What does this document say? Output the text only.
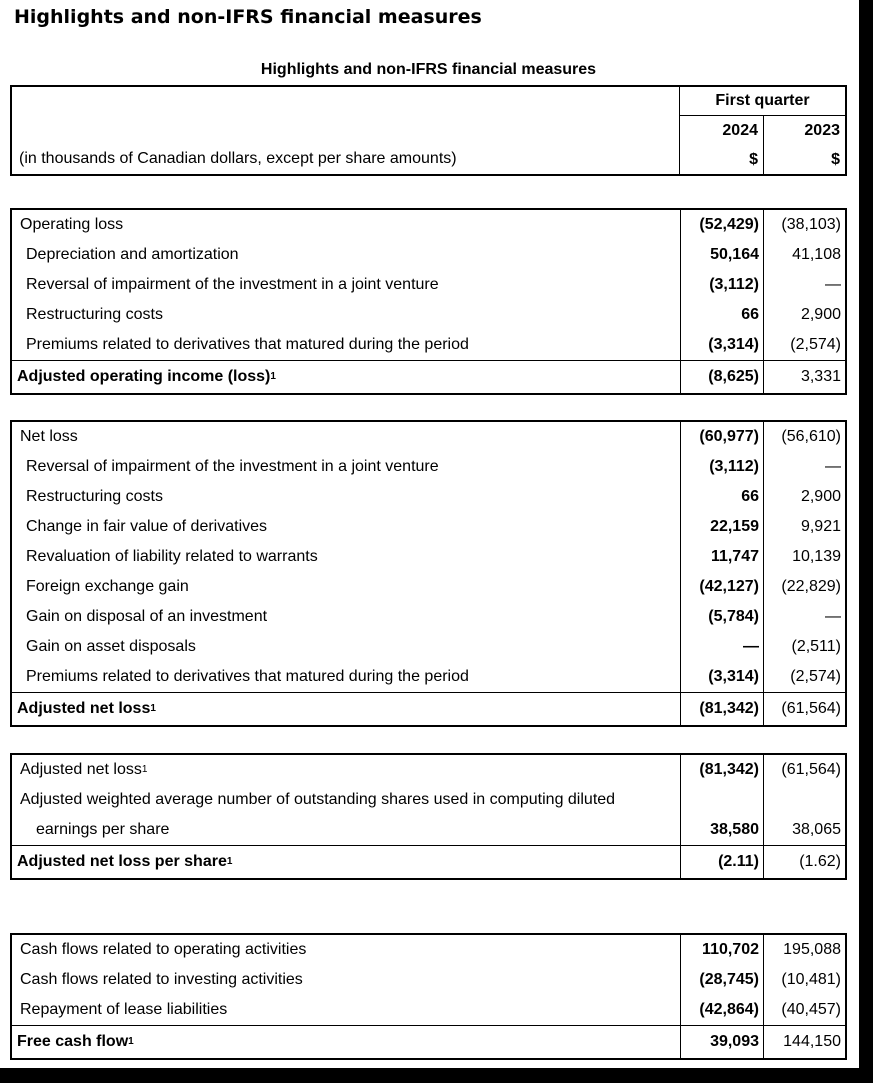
Highlights and non-IFRS financial measures
Highlights and non-IFRS financial measures
(in thousands of Canadian dollars, except per share amounts)
First quarter
2024	2023
$	$
Operating loss	(52,429)	(38,103)
Depreciation and amortization	50,164	41,108
Reversal of impairment of the investment in a joint venture	(3,112)	—
Restructuring costs	66	2,900
Premiums related to derivatives that matured during the period	(3,314)	(2,574)
Adjusted operating income (loss) 1	(8,625)	3,331
Net loss	(60,977)	(56,610)
Reversal of impairment of the investment in a joint venture	(3,112)	—
Restructuring costs	66	2,900
Change in fair value of derivatives	22,159	9,921
Revaluation of liability related to warrants	11,747	10,139
Foreign exchange gain	(42,127)	(22,829)
Gain on disposal of an investment	(5,784)	—
Gain on asset disposals	—	(2,511)
Premiums related to derivatives that matured during the period	(3,314)	(2,574)
Adjusted net loss 1	(81,342)	(61,564)
Adjusted net loss 1	(81,342)	(61,564)
Adjusted weighted average number of outstanding shares used in computing diluted
earnings per share	38,580	38,065
Adjusted net loss per share 1	(2.11)	(1.62)
Cash flows related to operating activities	110,702	195,088
Cash flows related to investing activities	(28,745)	(10,481)
Repayment of lease liabilities	(42,864)	(40,457)
Free cash flow 1	39,093	144,150
